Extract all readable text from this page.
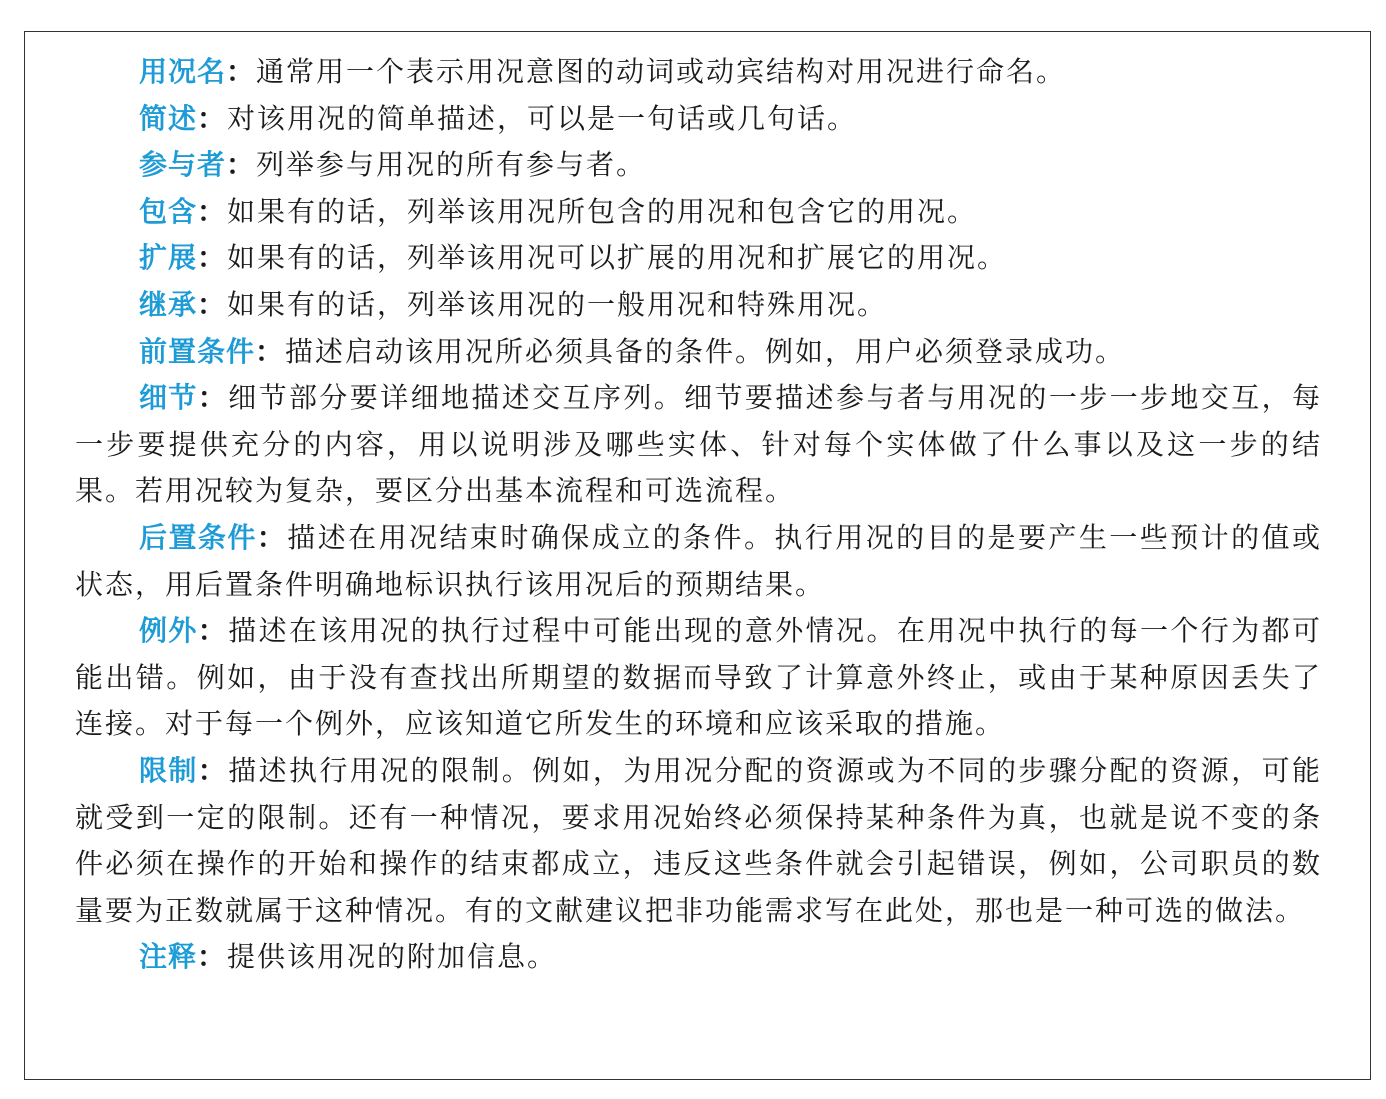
用况名：通常用一个表示用况意图的动词或动宾结构对用况进行命名。

简述：对该用况的简单描述，可以是一句话或几句话。

参与者：列举参与用况的所有参与者。

包含：如果有的话，列举该用况所包含的用况和包含它的用况。

扩展：如果有的话，列举该用况可以扩展的用况和扩展它的用况。

继承：如果有的话，列举该用况的一般用况和特殊用况。

前置条件：描述启动该用况所必须具备的条件。例如，用户必须登录成功。

细节：细节部分要详细地描述交互序列。细节要描述参与者与用况的一步一步地交互，每一步要提供充分的内容，用以说明涉及哪些实体、针对每个实体做了什么事以及这一步的结果。若用况较为复杂，要区分出基本流程和可选流程。

后置条件：描述在用况结束时确保成立的条件。执行用况的目的是要产生一些预计的值或状态，用后置条件明确地标识执行该用况后的预期结果。

例外：描述在该用况的执行过程中可能出现的意外情况。在用况中执行的每一个行为都可能出错。例如，由于没有查找出所期望的数据而导致了计算意外终止，或由于某种原因丢失了连接。对于每一个例外，应该知道它所发生的环境和应该采取的措施。

限制：描述执行用况的限制。例如，为用况分配的资源或为不同的步骤分配的资源，可能就受到一定的限制。还有一种情况，要求用况始终必须保持某种条件为真，也就是说不变的条件必须在操作的开始和操作的结束都成立，违反这些条件就会引起错误，例如，公司职员的数量要为正数就属于这种情况。有的文献建议把非功能需求写在此处，那也是一种可选的做法。

注释：提供该用况的附加信息。
